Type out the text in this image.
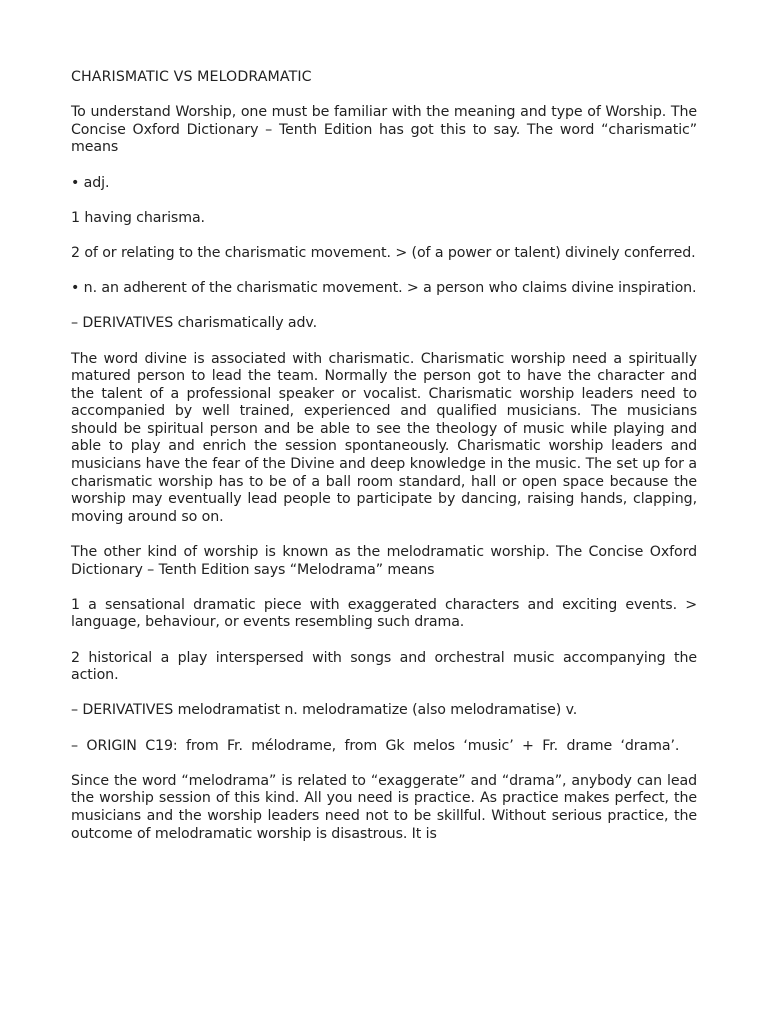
CHARISMATIC VS MELODRAMATIC

To understand Worship, one must be familiar with the meaning and type of Worship. The Concise Oxford Dictionary – Tenth Edition has got this to say. The word “charismatic” means

• adj.

1 having charisma.

2 of or relating to the charismatic movement. > (of a power or talent) divinely conferred.

• n. an adherent of the charismatic movement. > a person who claims divine inspiration.

– DERIVATIVES charismatically adv.

The word divine is associated with charismatic. Charismatic worship need a spiritually matured person to lead the team. Normally the person got to have the character and the talent of a professional speaker or vocalist. Charismatic worship leaders need to accompanied by well trained, experienced and qualified musicians. The musicians should be spiritual person and be able to see the theology of music while playing and able to play and enrich the session spontaneously. Charismatic worship leaders and musicians have the fear of the Divine and deep knowledge in the music. The set up for a charismatic worship has to be of a ball room standard, hall or open space because the worship may eventually lead people to participate by dancing, raising hands, clapping, moving around so on.

The other kind of worship is known as the melodramatic worship. The Concise Oxford Dictionary – Tenth Edition says “Melodrama” means

1 a sensational dramatic piece with exaggerated characters and exciting events. > language, behaviour, or events resembling such drama.

2 historical a play interspersed with songs and orchestral music accompanying the action.

– DERIVATIVES melodramatist n. melodramatize (also melodramatise) v.

– ORIGIN C19: from Fr. mélodrame, from Gk melos ‘music’ + Fr. drame ‘drama’.

Since the word “melodrama” is related to “exaggerate” and “drama”, anybody can lead the worship session of this kind. All you need is practice. As practice makes perfect, the musicians and the worship leaders need not to be skillful. Without serious practice, the outcome of melodramatic worship is disastrous. It is
